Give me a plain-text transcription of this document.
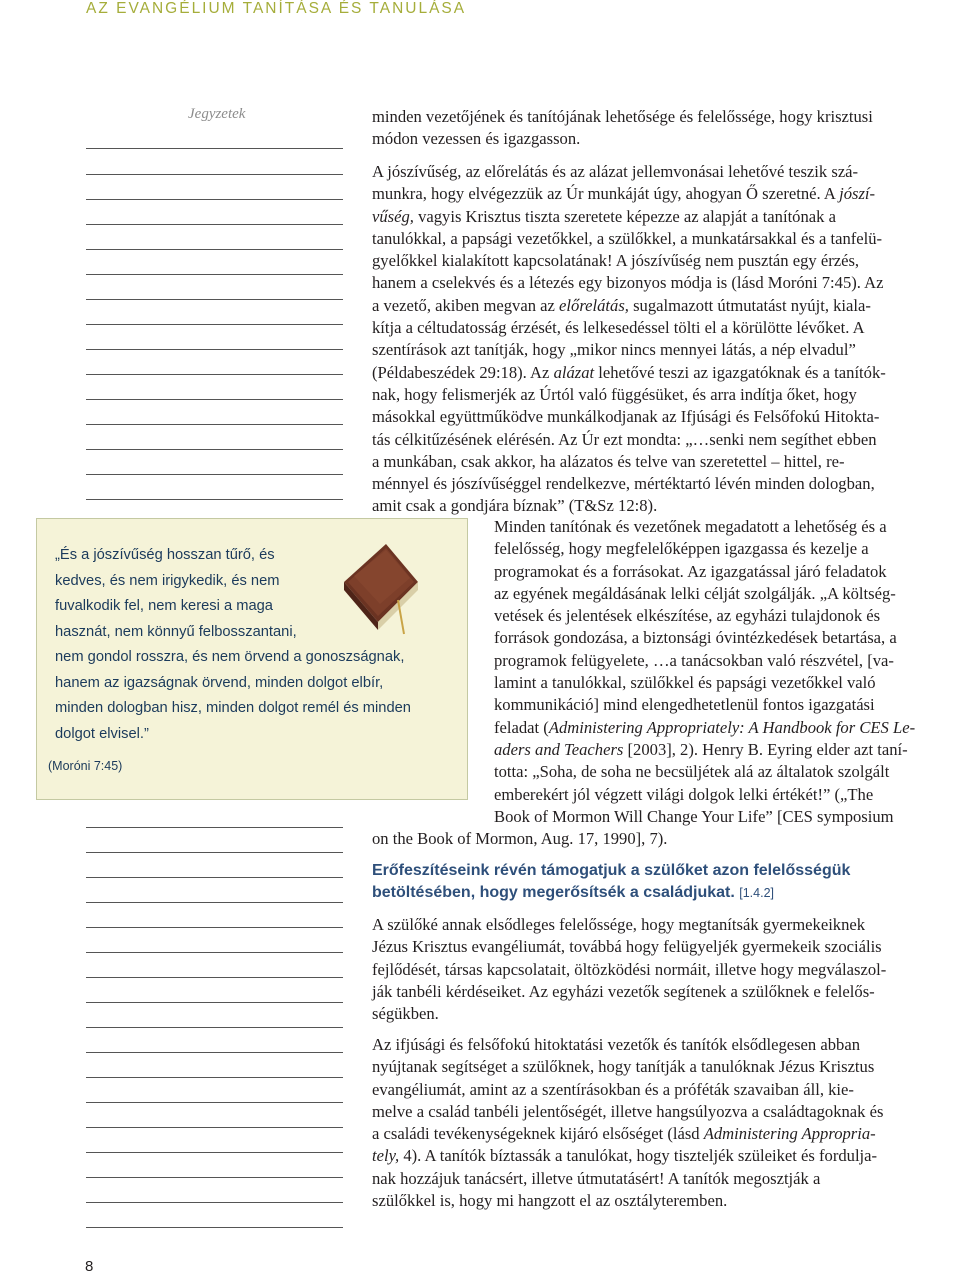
AZ EVANGÉLIUM TANÍTÁSA ÉS TANULÁSA
Jegyzetek	minden vezetőjének és tanítójának lehetősége és felelőssége, hogy krisztusi
módon vezessen és igazgasson.
A jószívűség, az előrelátás és az alázat jellemvonásai lehetővé teszik szá-
munkra, hogy elvégezzük az Úr munkáját úgy, ahogyan Ő szeretné. A jószí-
vűség, vagyis Krisztus tiszta szeretete képezze az alapját a tanítónak a
tanulókkal, a papsági vezetőkkel, a szülőkkel, a munkatársakkal és a tanfelü-
gyelőkkel kialakított kapcsolatának! A jószívűség nem pusztán egy érzés,
hanem a cselekvés és a létezés egy bizonyos módja is (lásd Moróni 7:45). Az
a vezető, akiben megvan az előrelátás, sugalmazott útmutatást nyújt, kiala-
kítja a céltudatosság érzését, és lelkesedéssel tölti el a körülötte lévőket. A
szentírások azt tanítják, hogy „mikor nincs mennyei látás, a nép elvadul”
(Példabeszédek 29:18). Az alázat lehetővé teszi az igazgatóknak és a tanítók-
nak, hogy felismerjék az Úrtól való függésüket, és arra indítja őket, hogy
másokkal együttműködve munkálkodjanak az Ifjúsági és Felsőfokú Hitokta-
tás célkitűzésének elérésén. Az Úr ezt mondta: „…senki nem segíthet ebben
a munkában, csak akkor, ha alázatos és telve van szeretettel – hittel, re-
ménnyel és jószívűséggel rendelkezve, mértéktartó lévén minden dologban,
amit csak a gondjára bíznak” (T&Sz 12:8).
„És a jószívűség hosszan tűrő, és
kedves, és nem irigykedik, és nem
fuvalkodik fel, nem keresi a maga
hasznát, nem könnyű felbosszantani,
nem gondol rosszra, és nem örvend a gonoszságnak,
hanem az igazságnak örvend, minden dolgot elbír,
minden dologban hisz, minden dolgot remél és minden
dolgot elvisel.”
(Moróni 7:45)
Minden tanítónak és vezetőnek megadatott a lehetőség és a
felelősség, hogy megfelelőképpen igazgassa és kezelje a
programokat és a forrásokat. Az igazgatással járó feladatok
az egyének megáldásának lelki célját szolgálják. „A költség-
vetések és jelentések elkészítése, az egyházi tulajdonok és
források gondozása, a biztonsági óvintézkedések betartása, a
programok felügyelete, …a tanácsokban való részvétel, [va-
lamint a tanulókkal, szülőkkel és papsági vezetőkkel való
kommunikáció] mind elengedhetetlenül fontos igazgatási
feladat (Administering Appropriately: A Handbook for CES Le-
aders and Teachers [2003], 2). Henry B. Eyring elder azt taní-
totta: „Soha, de soha ne becsüljétek alá az általatok szolgált
emberekért jól végzett világi dolgok lelki értékét!” („The
Book of Mormon Will Change Your Life” [CES symposium
on the Book of Mormon, Aug. 17, 1990], 7).
Erőfeszítéseink révén támogatjuk a szülőket azon felelősségük
betöltésében, hogy megerősítsék a családjukat. [1.4.2]
A szülőké annak elsődleges felelőssége, hogy megtanítsák gyermekeiknek
Jézus Krisztus evangéliumát, továbbá hogy felügyeljék gyermekeik szociális
fejlődését, társas kapcsolatait, öltözködési normáit, illetve hogy megválaszol-
ják tanbéli kérdéseiket. Az egyházi vezetők segítenek a szülőknek e felelős-
ségükben.
Az ifjúsági és felsőfokú hitoktatási vezetők és tanítók elsődlegesen abban
nyújtanak segítséget a szülőknek, hogy tanítják a tanulóknak Jézus Krisztus
evangéliumát, amint az a szentírásokban és a próféták szavaiban áll, kie-
melve a család tanbéli jelentőségét, illetve hangsúlyozva a családtagoknak és
a családi tevékenységeknek kijáró elsőséget (lásd Administering Appropria-
tely, 4). A tanítók bíztassák a tanulókat, hogy tiszteljék szüleiket és fordulja-
nak hozzájuk tanácsért, illetve útmutatásért! A tanítók megosztják a
szülőkkel is, hogy mi hangzott el az osztályteremben.
8
